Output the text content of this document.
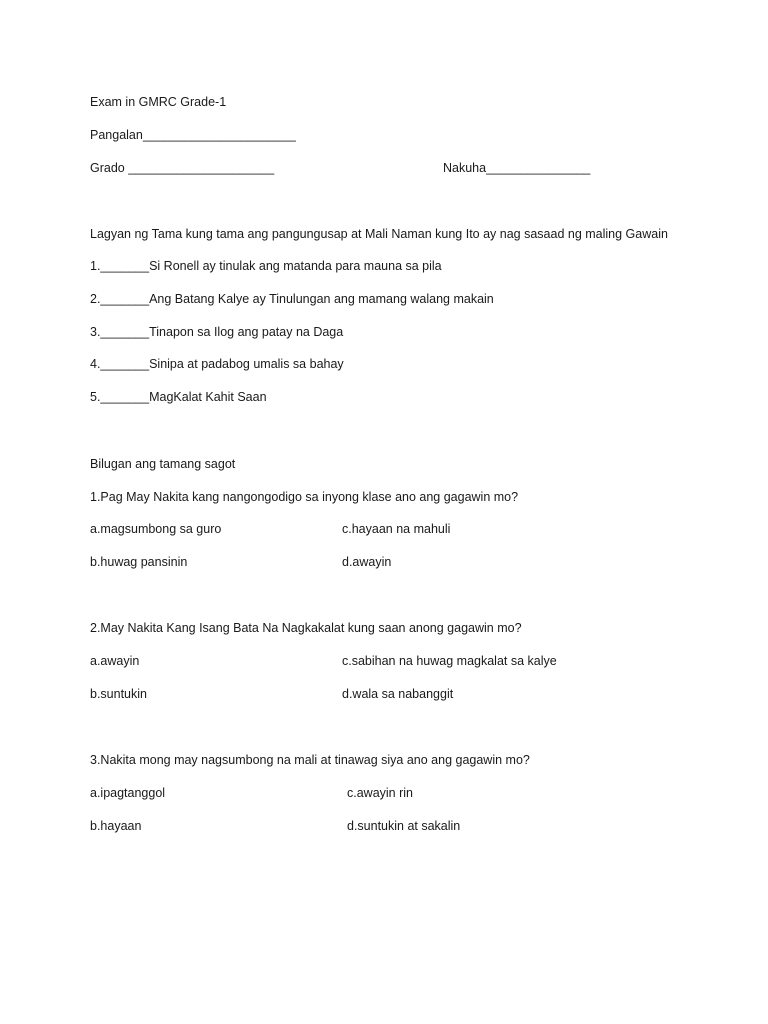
Exam in GMRC Grade-1
Pangalan______________________
Grado _____________________	Nakuha_______________
Lagyan ng Tama kung tama ang pangungusap at Mali Naman kung Ito ay nag sasaad ng maling Gawain
1._______Si Ronell ay tinulak ang matanda para mauna sa pila
2._______Ang Batang Kalye ay Tinulungan ang mamang walang makain
3._______Tinapon sa Ilog ang patay na Daga
4._______Sinipa at padabog umalis sa bahay
5._______MagKalat Kahit Saan
Bilugan ang tamang sagot
1.Pag May Nakita kang nangongodigo sa inyong klase ano ang gagawin mo?
a.magsumbong sa guro	c.hayaan na mahuli
b.huwag pansinin	d.awayin
2.May Nakita Kang Isang Bata Na Nagkakalat kung saan anong gagawin mo?
a.awayin	c.sabihan na huwag magkalat sa kalye
b.suntukin	d.wala sa nabanggit
3.Nakita mong may nagsumbong na mali at tinawag siya ano ang gagawin mo?
a.ipagtanggol	c.awayin rin
b.hayaan	d.suntukin at sakalin
